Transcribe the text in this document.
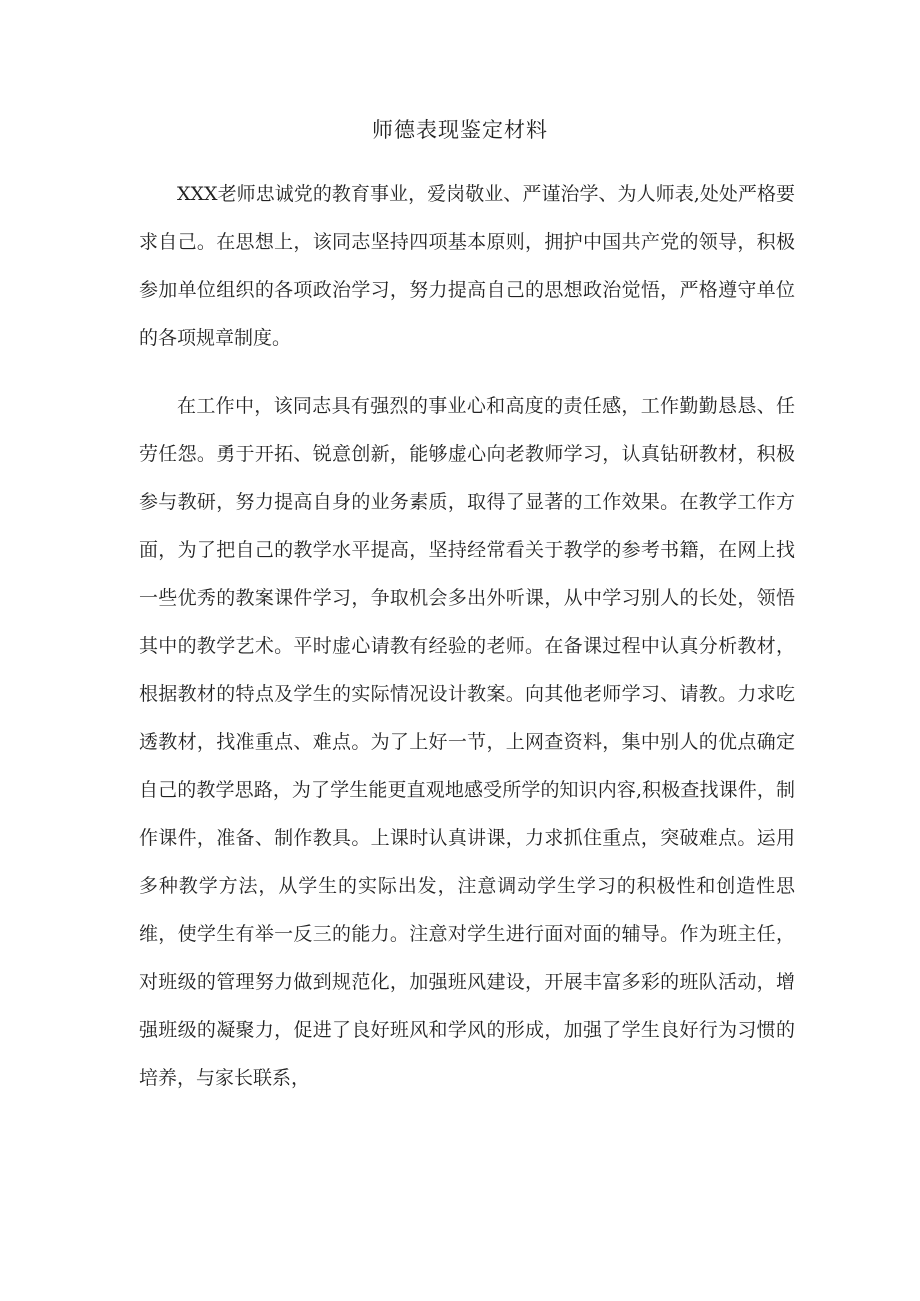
师德表现鉴定材料

XXX老师忠诚党的教育事业，爱岗敬业、严谨治学、为人师表,处处严格要求自己。在思想上，该同志坚持四项基本原则，拥护中国共产党的领导，积极参加单位组织的各项政治学习，努力提高自己的思想政治觉悟，严格遵守单位的各项规章制度。

在工作中，该同志具有强烈的事业心和高度的责任感，工作勤勤恳恳、任劳任怨。勇于开拓、锐意创新，能够虚心向老教师学习，认真钻研教材，积极参与教研，努力提高自身的业务素质，取得了显著的工作效果。在教学工作方面，为了把自己的教学水平提高，坚持经常看关于教学的参考书籍，在网上找一些优秀的教案课件学习，争取机会多出外听课，从中学习别人的长处，领悟其中的教学艺术。平时虚心请教有经验的老师。在备课过程中认真分析教材，根据教材的特点及学生的实际情况设计教案。向其他老师学习、请教。力求吃透教材，找准重点、难点。为了上好一节，上网查资料，集中别人的优点确定自己的教学思路，为了学生能更直观地感受所学的知识内容,积极查找课件，制作课件，准备、制作教具。上课时认真讲课，力求抓住重点，突破难点。运用多种教学方法，从学生的实际出发，注意调动学生学习的积极性和创造性思维，使学生有举一反三的能力。注意对学生进行面对面的辅导。作为班主任，对班级的管理努力做到规范化，加强班风建设，开展丰富多彩的班队活动，增强班级的凝聚力，促进了良好班风和学风的形成，加强了学生良好行为习惯的培养，与家长联系，
